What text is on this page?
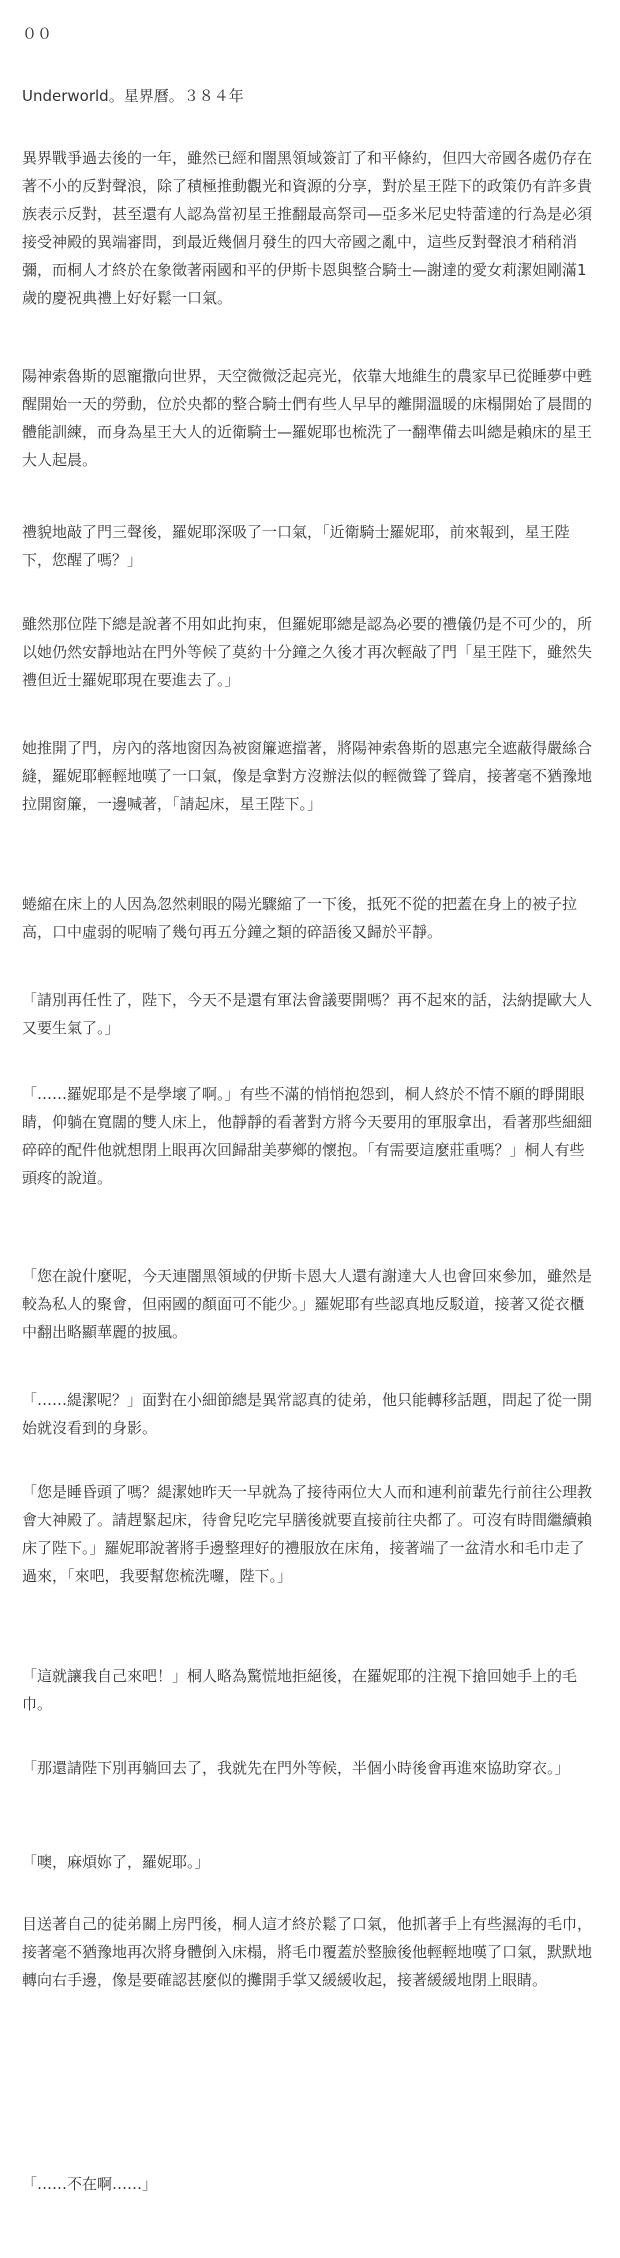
００

Underworld。星界曆。３８４年

異界戰爭過去後的一年，雖然已經和闇黑領域簽訂了和平條約，但四大帝國各處仍存在著不小的反對聲浪，除了積極推動觀光和資源的分享，對於星王陛下的政策仍有許多貴族表示反對，甚至還有人認為當初星王推翻最高祭司—亞多米尼史特蕾達的行為是必須接受神殿的異端審問，到最近幾個月發生的四大帝國之亂中，這些反對聲浪才稍稍消彌，而桐人才終於在象徵著兩國和平的伊斯卡恩與整合騎士—謝達的愛女莉潔妲剛滿1歲的慶祝典禮上好好鬆一口氣。

陽神索魯斯的恩寵撒向世界，天空微微泛起亮光，依靠大地維生的農家早已從睡夢中甦醒開始一天的勞動，位於央都的整合騎士們有些人早早的離開溫暖的床榻開始了晨間的體能訓練，而身為星王大人的近衛騎士—羅妮耶也梳洗了一翻準備去叫總是賴床的星王大人起晨。

禮貌地敲了門三聲後，羅妮耶深吸了一口氣，「近衛騎士羅妮耶，前來報到，星王陛下，您醒了嗎？」

雖然那位陛下總是說著不用如此拘束，但羅妮耶總是認為必要的禮儀仍是不可少的，所以她仍然安靜地站在門外等候了莫約十分鐘之久後才再次輕敲了門「星王陛下，雖然失禮但近士羅妮耶現在要進去了。」

她推開了門，房內的落地窗因為被窗簾遮擋著，將陽神索魯斯的恩惠完全遮蔽得嚴絲合縫，羅妮耶輕輕地嘆了一口氣，像是拿對方沒辦法似的輕微聳了聳肩，接著毫不猶豫地拉開窗簾，一邊喊著，「請起床，星王陛下。」

蜷縮在床上的人因為忽然刺眼的陽光驟縮了一下後，抵死不從的把蓋在身上的被子拉高，口中虛弱的呢喃了幾句再五分鐘之類的碎語後又歸於平靜。

「請別再任性了，陛下，今天不是還有軍法會議要開嗎？再不起來的話，法納提歐大人又要生氣了。」

「……羅妮耶是不是學壞了啊。」有些不滿的悄悄抱怨到，桐人終於不情不願的睜開眼睛，仰躺在寬闊的雙人床上，他靜靜的看著對方將今天要用的軍服拿出，看著那些細細碎碎的配件他就想閉上眼再次回歸甜美夢鄉的懷抱。「有需要這麼莊重嗎？」桐人有些頭疼的說道。

「您在說什麼呢，今天連闇黑領域的伊斯卡恩大人還有謝達大人也會回來參加，雖然是較為私人的聚會，但兩國的顏面可不能少。」羅妮耶有些認真地反駁道，接著又從衣櫃中翻出略顯華麗的披風。

「……緹潔呢？」面對在小細節總是異常認真的徒弟，他只能轉移話題，問起了從一開始就沒看到的身影。

「您是睡昏頭了嗎？緹潔她昨天一早就為了接待兩位大人而和連利前輩先行前往公理教會大神殿了。請趕緊起床，待會兒吃完早膳後就要直接前往央都了。可沒有時間繼續賴床了陛下。」羅妮耶說著將手邊整理好的禮服放在床角，接著端了一盆清水和毛巾走了過來，「來吧，我要幫您梳洗囉，陛下。」

「這就讓我自己來吧！」桐人略為驚慌地拒絕後，在羅妮耶的注視下搶回她手上的毛巾。

「那還請陛下別再躺回去了，我就先在門外等候，半個小時後會再進來協助穿衣。」

「噢，麻煩妳了，羅妮耶。」

目送著自己的徒弟關上房門後，桐人這才終於鬆了口氣，他抓著手上有些濕海的毛巾，接著毫不猶豫地再次將身體倒入床榻，將毛巾覆蓋於整臉後他輕輕地嘆了口氣，默默地轉向右手邊，像是要確認甚麼似的攤開手掌又緩緩收起，接著緩緩地閉上眼睛。

「……不在啊……」
